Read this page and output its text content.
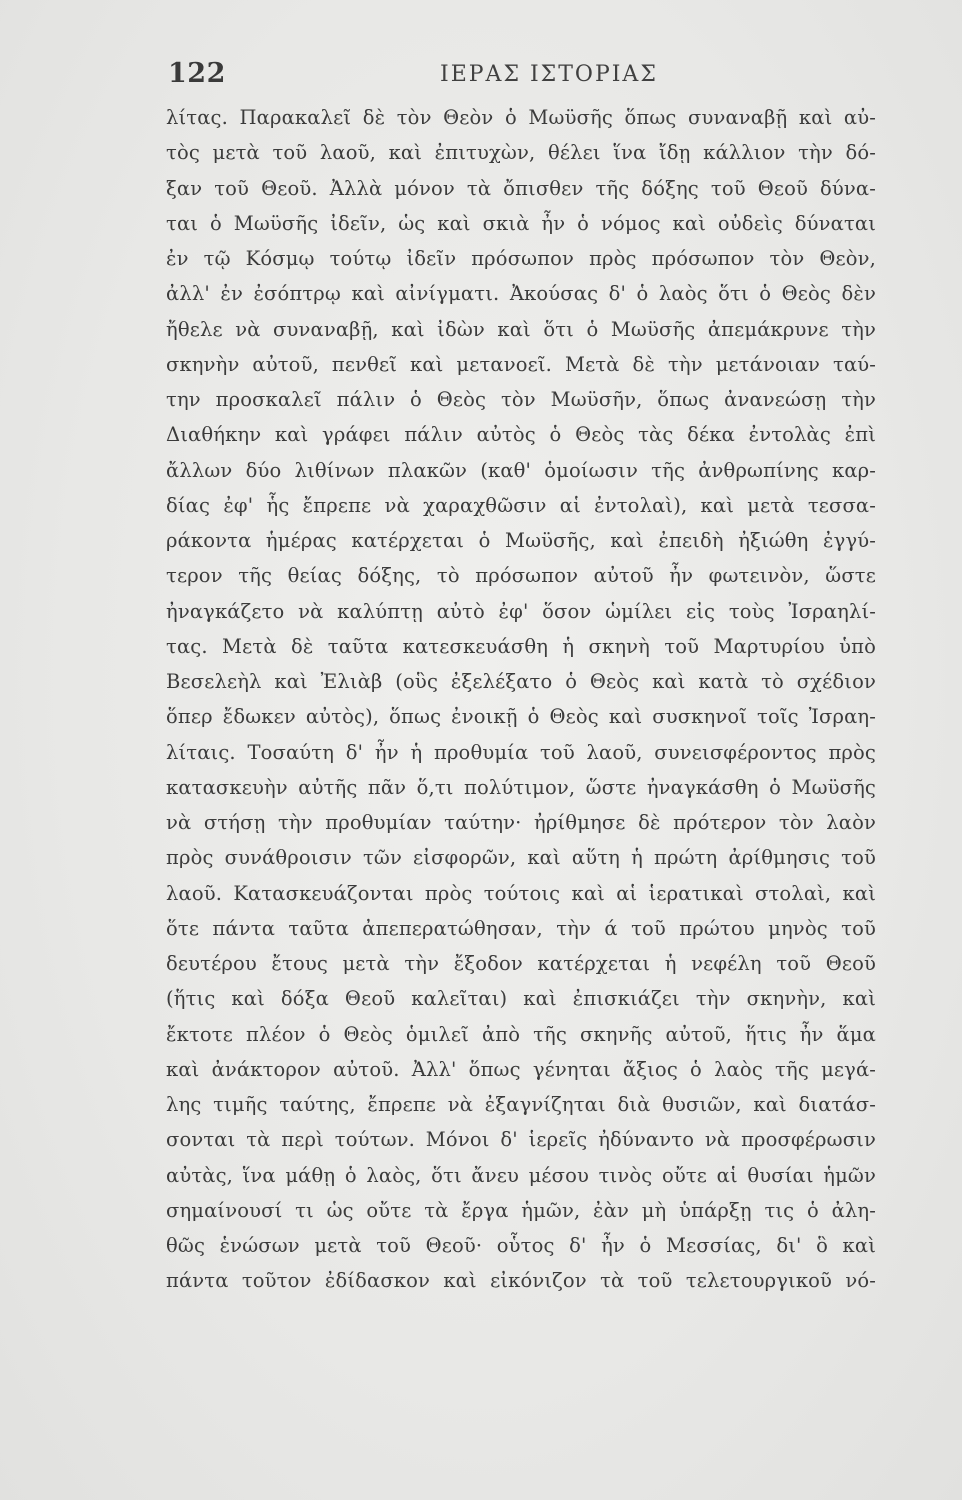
122	ΙΕΡΑΣ ΙΣΤΟΡΙΑΣ
λίτας. Παρακαλεῖ δὲ τὸν Θεὸν ὁ Μωϋσῆς ὅπως συναναβῇ καὶ αὐ-
τὸς μετὰ τοῦ λαοῦ, καὶ ἐπιτυχὼν, θέλει ἵνα ἴδῃ κάλλιον τὴν δό-
ξαν τοῦ Θεοῦ. Ἀλλὰ μόνον τὰ ὄπισθεν τῆς δόξης τοῦ Θεοῦ δύνα-
ται ὁ Μωϋσῆς ἰδεῖν, ὡς καὶ σκιὰ ἦν ὁ νόμος καὶ οὐδεὶς δύναται
ἐν τῷ Κόσμῳ τούτῳ ἰδεῖν πρόσωπον πρὸς πρόσωπον τὸν Θεὸν,
ἀλλ' ἐν ἐσόπτρῳ καὶ αἰνίγματι. Ἀκούσας δ' ὁ λαὸς ὅτι ὁ Θεὸς δὲν
ἤθελε νὰ συναναβῇ, καὶ ἰδὼν καὶ ὅτι ὁ Μωϋσῆς ἀπεμάκρυνε τὴν
σκηνὴν αὐτοῦ, πενθεῖ καὶ μετανοεῖ. Μετὰ δὲ τὴν μετάνοιαν ταύ-
την προσκαλεῖ πάλιν ὁ Θεὸς τὸν Μωϋσῆν, ὅπως ἀνανεώσῃ τὴν
Διαθήκην καὶ γράφει πάλιν αὐτὸς ὁ Θεὸς τὰς δέκα ἐντολὰς ἐπὶ
ἄλλων δύο λιθίνων πλακῶν (καθ' ὁμοίωσιν τῆς ἀνθρωπίνης καρ-
δίας ἐφ' ἧς ἔπρεπε νὰ χαραχθῶσιν αἱ ἐντολαὶ), καὶ μετὰ τεσσα-
ράκοντα ἡμέρας κατέρχεται ὁ Μωϋσῆς, καὶ ἐπειδὴ ἠξιώθη ἐγγύ-
τερον τῆς θείας δόξης, τὸ πρόσωπον αὐτοῦ ἦν φωτεινὸν, ὥστε
ἠναγκάζετο νὰ καλύπτῃ αὐτὸ ἐφ' ὅσον ὡμίλει εἰς τοὺς Ἰσραηλί-
τας. Μετὰ δὲ ταῦτα κατεσκευάσθη ἡ σκηνὴ τοῦ Μαρτυρίου ὑπὸ
Βεσελεὴλ καὶ Ἐλιὰβ (οὓς ἐξελέξατο ὁ Θεὸς καὶ κατὰ τὸ σχέδιον
ὅπερ ἔδωκεν αὐτὸς), ὅπως ἐνοικῇ ὁ Θεὸς καὶ συσκηνοῖ τοῖς Ἰσραη-
λίταις. Τοσαύτη δ' ἦν ἡ προθυμία τοῦ λαοῦ, συνεισφέροντος πρὸς
κατασκευὴν αὐτῆς πᾶν ὅ,τι πολύτιμον, ὥστε ἠναγκάσθη ὁ Μωϋσῆς
νὰ στήσῃ τὴν προθυμίαν ταύτην· ἠρίθμησε δὲ πρότερον τὸν λαὸν
πρὸς συνάθροισιν τῶν εἰσφορῶν, καὶ αὕτη ἡ πρώτη ἀρίθμησις τοῦ
λαοῦ. Κατασκευάζονται πρὸς τούτοις καὶ αἱ ἱερατικαὶ στολαὶ, καὶ
ὅτε πάντα ταῦτα ἀπεπερατώθησαν, τὴν ά τοῦ πρώτου μηνὸς τοῦ
δευτέρου ἔτους μετὰ τὴν ἔξοδον κατέρχεται ἡ νεφέλη τοῦ Θεοῦ
(ἥτις καὶ δόξα Θεοῦ καλεῖται) καὶ ἐπισκιάζει τὴν σκηνὴν, καὶ
ἔκτοτε πλέον ὁ Θεὸς ὁμιλεῖ ἀπὸ τῆς σκηνῆς αὐτοῦ, ἥτις ἦν ἅμα
καὶ ἀνάκτορον αὐτοῦ. Ἀλλ' ὅπως γένηται ἄξιος ὁ λαὸς τῆς μεγά-
λης τιμῆς ταύτης, ἔπρεπε νὰ ἐξαγνίζηται διὰ θυσιῶν, καὶ διατάσ-
σονται τὰ περὶ τούτων. Μόνοι δ' ἱερεῖς ἠδύναντο νὰ προσφέρωσιν
αὐτὰς, ἵνα μάθῃ ὁ λαὸς, ὅτι ἄνευ μέσου τινὸς οὔτε αἱ θυσίαι ἡμῶν
σημαίνουσί τι ὡς οὔτε τὰ ἔργα ἡμῶν, ἐὰν μὴ ὑπάρξῃ τις ὁ ἀλη-
θῶς ἑνώσων μετὰ τοῦ Θεοῦ· οὗτος δ' ἦν ὁ Μεσσίας, δι' ὃ καὶ
πάντα τοῦτον ἐδίδασκον καὶ εἰκόνιζον τὰ τοῦ τελετουργικοῦ νό-
